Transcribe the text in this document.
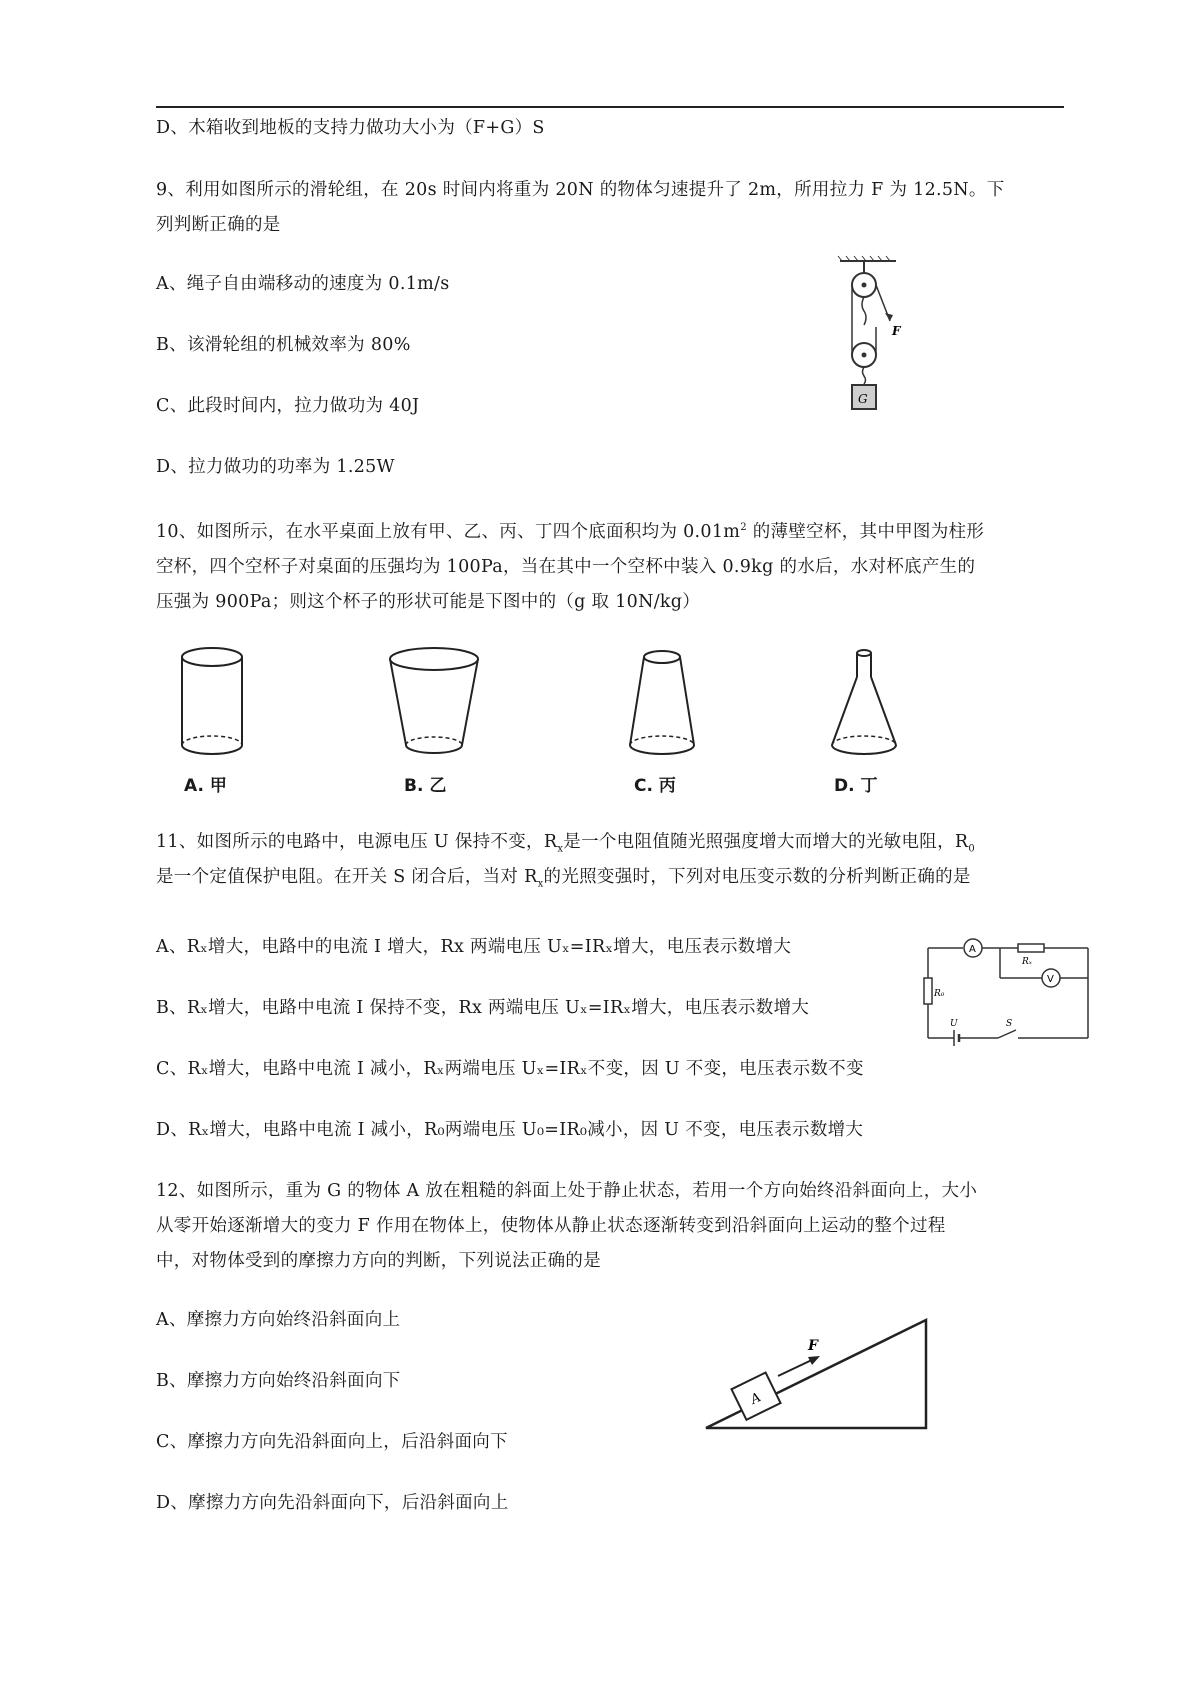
D、木箱收到地板的支持力做功大小为（F+G）S
9、利用如图所示的滑轮组，在 20s 时间内将重为 20N 的物体匀速提升了 2m，所用拉力 F 为 12.5N。下
列判断正确的是
A、绳子自由端移动的速度为 0.1m/s
B、该滑轮组的机械效率为 80%
C、此段时间内，拉力做功为 40J
D、拉力做功的功率为 1.25W
F
G
10、如图所示，在水平桌面上放有甲、乙、丙、丁四个底面积均为 $0.01m^2$ 的薄壁空杯，其中甲图为柱形
空杯，四个空杯子对桌面的压强均为 100Pa，当在其中一个空杯中装入 0.9kg 的水后，水对杯底产生的
压强为 900Pa；则这个杯子的形状可能是下图中的（g 取 10N/kg）
A. 甲	B. 乙	C. 丙	D. 丁
11、如图所示的电路中，电源电压 U 保持不变，$R_x$是一个电阻值随光照强度增大而增大的光敏电阻，$R_0$
是一个定值保护电阻。在开关 S 闭合后，当对 $R_x$的光照变强时，下列对电压变示数的分析判断正确的是
A、Rₓ增大，电路中的电流 I 增大，Rx 两端电压 Uₓ=IRₓ增大，电压表示数增大
B、Rₓ增大，电路中电流 I 保持不变，Rx 两端电压 Uₓ=IRₓ增大，电压表示数增大
C、Rₓ增大，电路中电流 I 减小，Rₓ两端电压 Uₓ=IRₓ不变，因 U 不变，电压表示数不变
D、Rₓ增大，电路中电流 I 减小，R₀两端电压 U₀=IR₀减小，因 U 不变，电压表示数增大
A
Rₓ
V
R₀
U	S
12、如图所示，重为 G 的物体 A 放在粗糙的斜面上处于静止状态，若用一个方向始终沿斜面向上，大小
从零开始逐渐增大的变力 F 作用在物体上，使物体从静止状态逐渐转变到沿斜面向上运动的整个过程
中，对物体受到的摩擦力方向的判断，下列说法正确的是
A、摩擦力方向始终沿斜面向上
B、摩擦力方向始终沿斜面向下
C、摩擦力方向先沿斜面向上，后沿斜面向下
D、摩擦力方向先沿斜面向下，后沿斜面向上
A
F
